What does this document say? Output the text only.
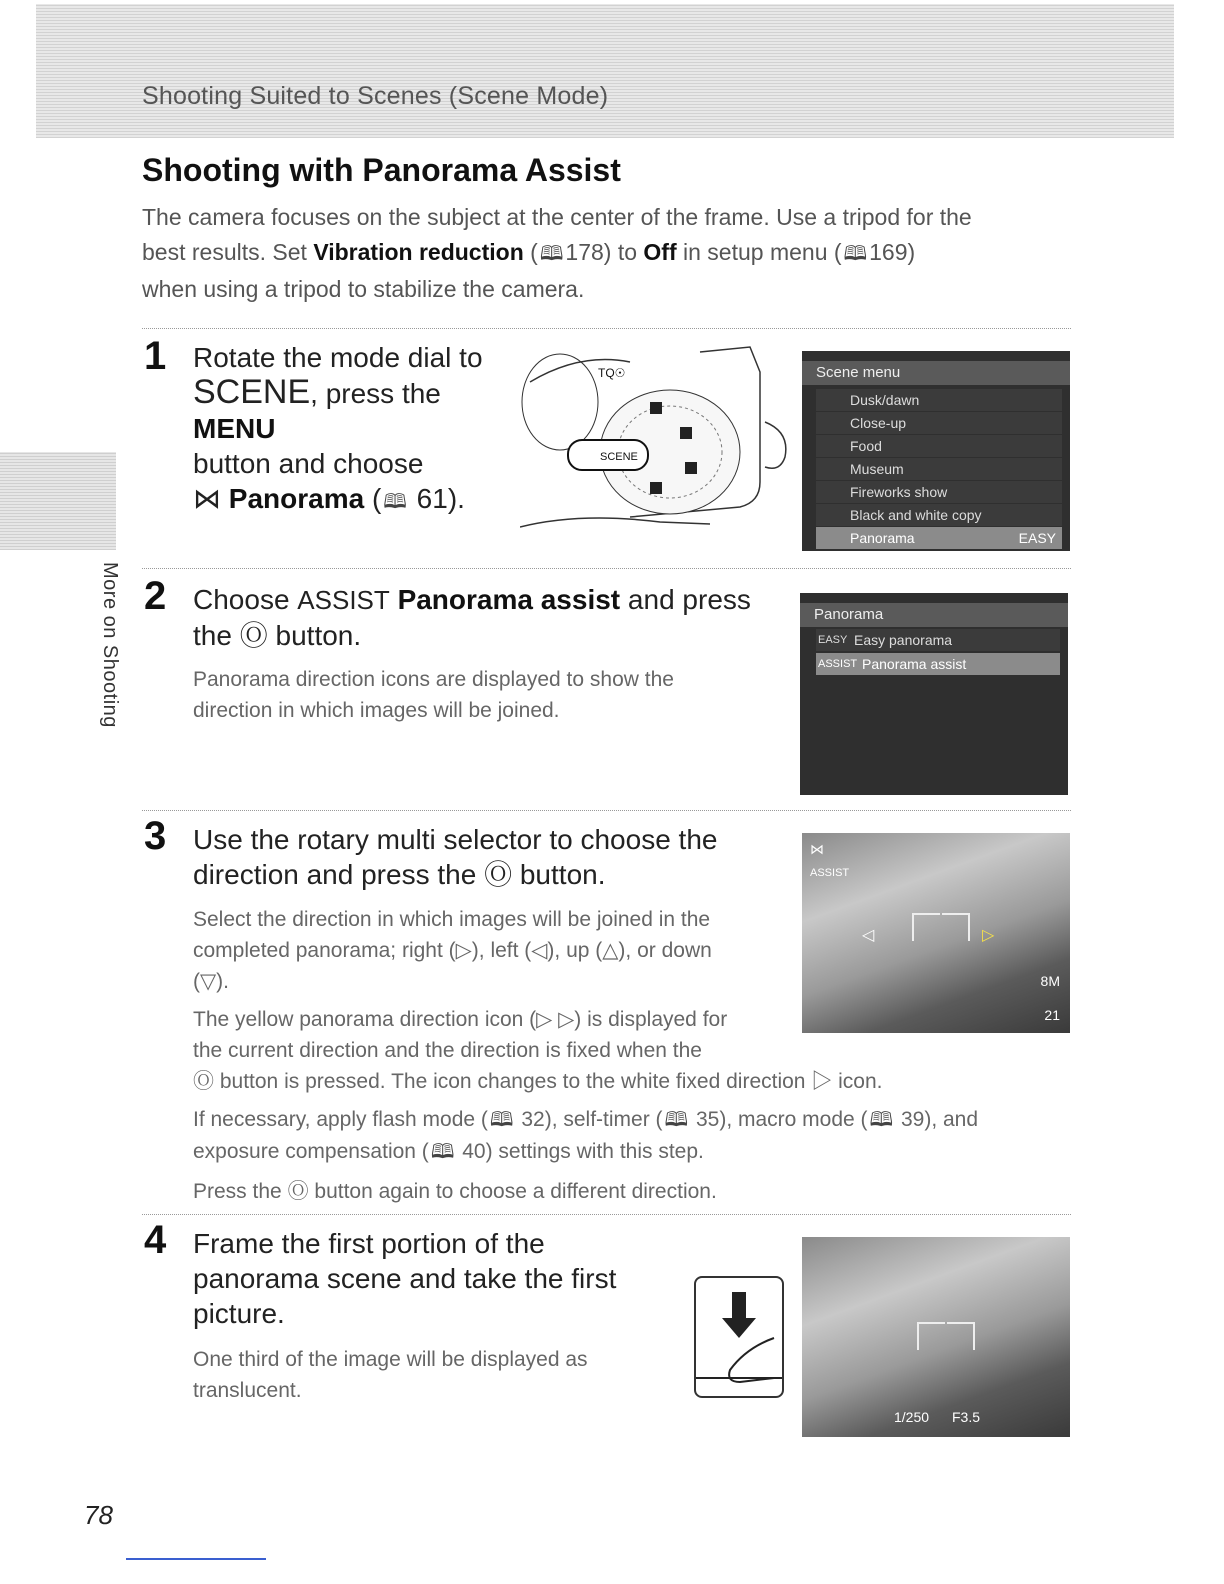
Shooting Suited to Scenes (Scene Mode)
More on Shooting
Shooting with Panorama Assist
The camera focuses on the subject at the center of the frame. Use a tripod for the
best results. Set Vibration reduction ( 🕮178) to Off in setup menu ( 🕮169)
when using a tripod to stabilize the camera.
1 Rotate the mode dial to
SCENE, press the MENU
button and choose
⋈ Panorama ( 🕮 61).
SCENE
TQ☉	Scene menu
Dusk/dawn
Close-up
Food
Museum
Fireworks show
Black and white copy
Panorama	EASY
2 Choose ASSIST Panorama assist and press
the Ⓞ button.
Panorama direction icons are displayed to show the
direction in which images will be joined.
Panorama
EASY Easy panorama
ASSIST Panorama assist
3 Use the rotary multi selector to choose the
direction and press the Ⓞ button.
Select the direction in which images will be joined in the
completed panorama; right (▷), left (◁), up (△), or down
(▽).
The yellow panorama direction icon (▷ ▷) is displayed for
the current direction and the direction is fixed when the
Ⓞ button is pressed. The icon changes to the white fixed direction ▷ icon.
If necessary, apply flash mode ( 🕮 32), self-timer ( 🕮 35), macro mode ( 🕮 39), and
exposure compensation ( 🕮 40) settings with this step.
Press the Ⓞ button again to choose a different direction.
⋈
ASSIST
◁	▷
8M
21
4 Frame the first portion of the
panorama scene and take the first
picture.
One third of the image will be displayed as
translucent.
1/250 F3.5
78
